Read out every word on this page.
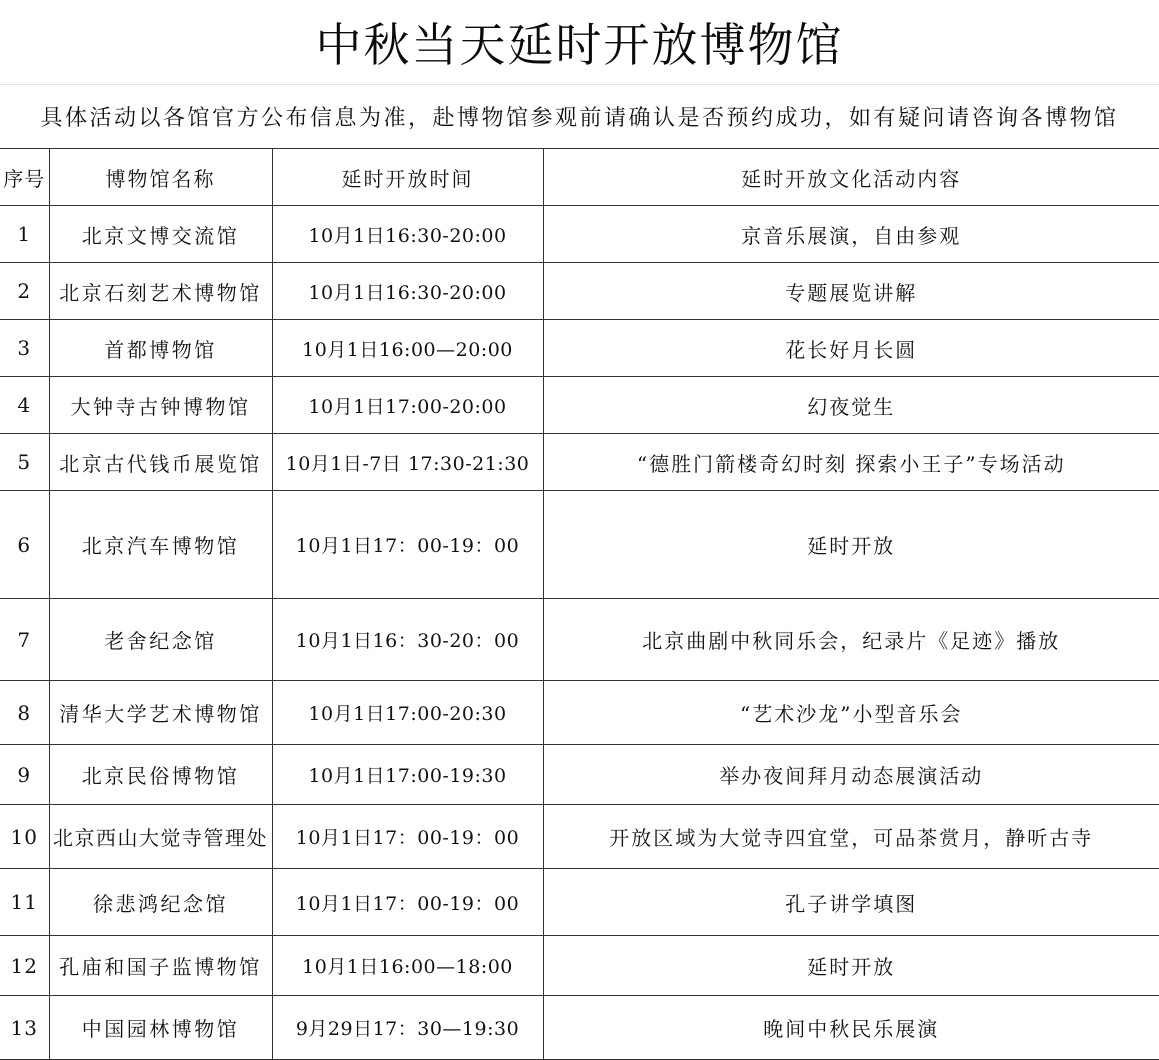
中秋当天延时开放博物馆
具体活动以各馆官方公布信息为准，赴博物馆参观前请确认是否预约成功，如有疑问请咨询各博物馆
序号	博物馆名称	延时开放时间	延时开放文化活动内容
1	北京文博交流馆	10月1日16:30-20:00	京音乐展演，自由参观
2	北京石刻艺术博物馆	10月1日16:30-20:00	专题展览讲解
3	首都博物馆	10月1日16:00—20:00	花长好月长圆
4	大钟寺古钟博物馆	10月1日17:00-20:00	幻夜觉生
5	北京古代钱币展览馆	10月1日-7日 17:30-21:30	“德胜门箭楼奇幻时刻 探索小王子”专场活动
6	北京汽车博物馆	10月1日17：00-19：00	延时开放
7	老舍纪念馆	10月1日16：30-20：00	北京曲剧中秋同乐会，纪录片《足迹》播放
8	清华大学艺术博物馆	10月1日17:00-20:30	“艺术沙龙”小型音乐会
9	北京民俗博物馆	10月1日17:00-19:30	举办夜间拜月动态展演活动
10	北京西山大觉寺管理处	10月1日17：00-19：00	开放区域为大觉寺四宜堂，可品茶赏月，静听古寺
11	徐悲鸿纪念馆	10月1日17：00-19：00	孔子讲学填图
12	孔庙和国子监博物馆	10月1日16:00—18:00	延时开放
13	中国园林博物馆	9月29日17：30—19:30	晚间中秋民乐展演
